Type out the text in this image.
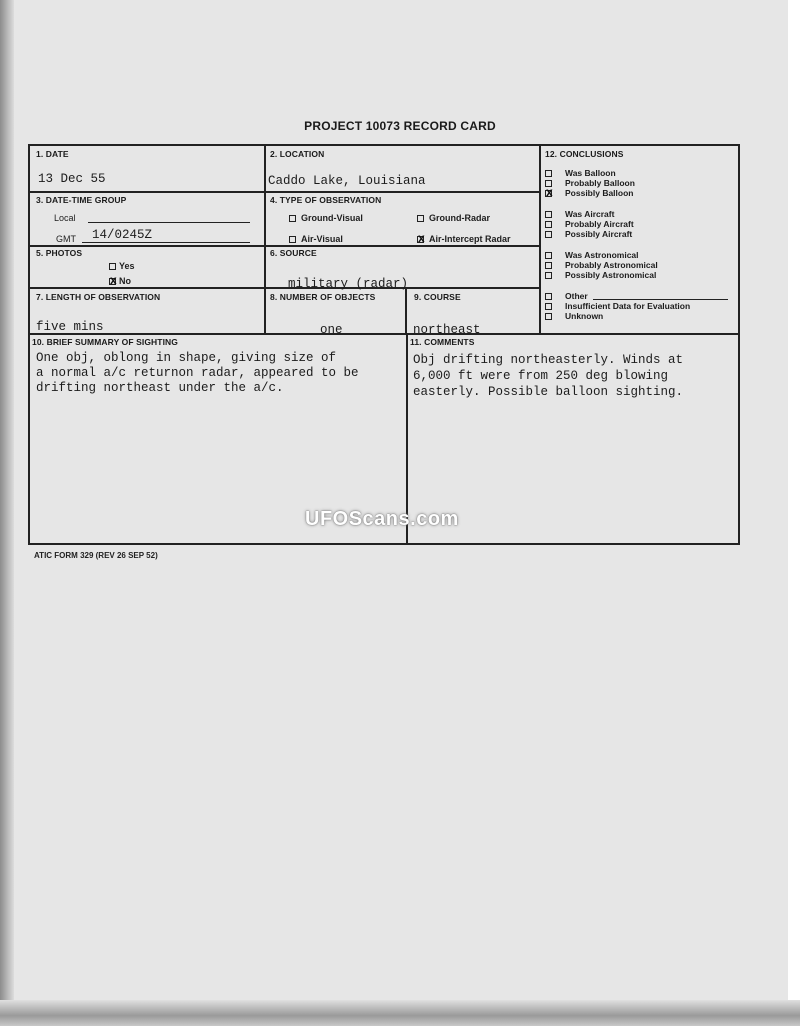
PROJECT 10073 RECORD CARD
1. DATE
13 Dec 55
2. LOCATION
Caddo Lake, Louisiana
3. DATE-TIME GROUP
Local
GMT 14/0245Z
4. TYPE OF OBSERVATION
Ground-Visual	Ground-Radar
Air-Visual
x	Air-Intercept Radar
5. PHOTOS
Yes
x
No
6. SOURCE
military (radar)
7. LENGTH OF OBSERVATION
five mins
8. NUMBER OF OBJECTS
one
9. COURSE
northeast
12. CONCLUSIONS
Was Balloon
Probably Balloon
x
Possibly Balloon
Was Aircraft
Probably Aircraft
Possibly Aircraft
Was Astronomical
Probably Astronomical
Possibly Astronomical
Other
Insufficient Data for Evaluation
Unknown
10. BRIEF SUMMARY OF SIGHTING
One obj, oblong in shape, giving size of
a normal a/c returnon radar, appeared to be
drifting northeast under the a/c.
11. COMMENTS
Obj drifting northeasterly. Winds at
6,000 ft were from 250 deg blowing
easterly. Possible balloon sighting.
UFOScans.com
ATIC FORM 329 (REV 26 SEP 52)
